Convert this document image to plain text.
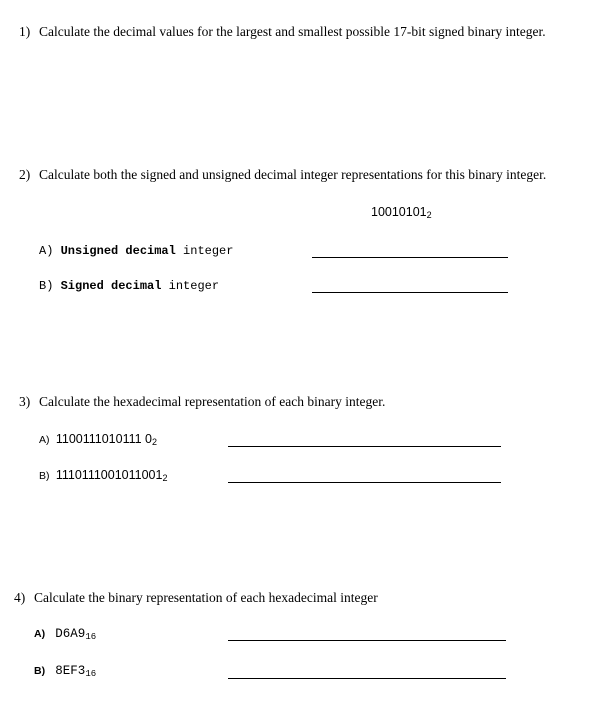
1) Calculate the decimal values for the largest and smallest possible 17-bit signed binary integer.
2) Calculate both the signed and unsigned decimal integer representations for this binary integer.
$10010101_2$
A) Unsigned decimal integer
B) Signed decimal integer
3) Calculate the hexadecimal representation of each binary integer.
A) 1100111010111 $0_2$
B) $1110111001011001_2$
4) Calculate the binary representation of each hexadecimal integer
A) $D6A9_{16}$
B) $8EF3_{16}$
